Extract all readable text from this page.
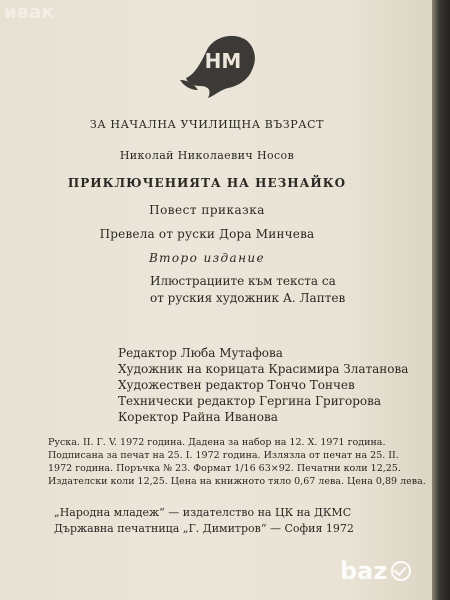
НМ
ЗА НАЧАЛНА УЧИЛИЩНА ВЪЗРАСТ
Николай Николаевич Носов
ПРИКЛЮЧЕНИЯТА НА НЕЗНАЙКО
Повест приказка
Превела от руски Дора Минчева
Второ издание
Илюстрациите към текста са
от руския художник А. Лаптев
Редактор Люба Мутафова
Художник на корицата Красимира Златанова
Художествен редактор Тончо Тончев
Технически редактор Гергина Григорова
Коректор Райна Иванова
Руска. II. Г. V. 1972 година. Дадена за набор на 12. X. 1971 година.
Подписана за печат на 25. I. 1972 година. Излязла от печат на 25. II.
1972 година. Поръчка № 23. Формат 1/16 63×92. Печатни коли 12,25.
Издателски коли 12,25. Цена на книжното тяло 0,67 лева. Цена 0,89 лева.
„Народна младеж“ — издателство на ЦК на ДКМС
Държавна печатница „Г. Димитров“ — София 1972
ивак
baz
